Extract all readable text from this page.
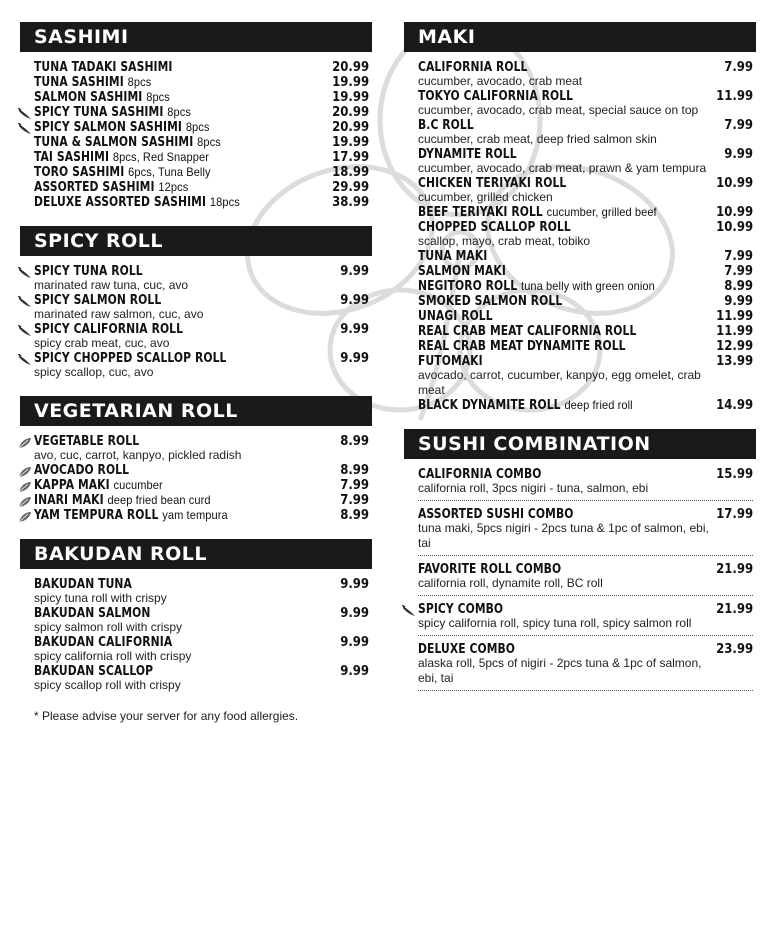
SASHIMI
TUNA TADAKI SASHIMI	20.99
TUNA SASHIMI 8pcs	19.99
SALMON SASHIMI 8pcs	19.99
SPICY TUNA SASHIMI 8pcs	20.99
SPICY SALMON SASHIMI 8pcs	20.99
TUNA & SALMON SASHIMI 8pcs	19.99
TAI SASHIMI 8pcs, Red Snapper	17.99
TORO SASHIMI 6pcs, Tuna Belly	18.99
ASSORTED SASHIMI 12pcs	29.99
DELUXE ASSORTED SASHIMI 18pcs	38.99
SPICY ROLL
SPICY TUNA ROLL	9.99
marinated raw tuna, cuc, avo
SPICY SALMON ROLL	9.99
marinated raw salmon, cuc, avo
SPICY CALIFORNIA ROLL	9.99
spicy crab meat, cuc, avo
SPICY CHOPPED SCALLOP ROLL	9.99
spicy scallop, cuc, avo
VEGETARIAN ROLL
VEGETABLE ROLL	8.99
avo, cuc, carrot, kanpyo, pickled radish
AVOCADO ROLL	8.99
KAPPA MAKI cucumber	7.99
INARI MAKI deep fried bean curd	7.99
YAM TEMPURA ROLL yam tempura	8.99
BAKUDAN ROLL
BAKUDAN TUNA	9.99
spicy tuna roll with crispy
BAKUDAN SALMON	9.99
spicy salmon roll with crispy
BAKUDAN CALIFORNIA	9.99
spicy california roll with crispy
BAKUDAN SCALLOP	9.99
spicy scallop roll with crispy
* Please advise your server for any food allergies.
MAKI
CALIFORNIA ROLL	7.99
cucumber, avocado, crab meat
TOKYO CALIFORNIA ROLL	11.99
cucumber, avocado, crab meat, special sauce on top
B.C ROLL	7.99
cucumber, crab meat, deep fried salmon skin
DYNAMITE ROLL	9.99
cucumber, avocado, crab meat, prawn & yam tempura
CHICKEN TERIYAKI ROLL	10.99
cucumber, grilled chicken
BEEF TERIYAKI ROLL cucumber, grilled beef	10.99
CHOPPED SCALLOP ROLL	10.99
scallop, mayo, crab meat, tobiko
TUNA MAKI	7.99
SALMON MAKI	7.99
NEGITORO ROLL tuna belly with green onion	8.99
SMOKED SALMON ROLL	9.99
UNAGI ROLL	11.99
REAL CRAB MEAT CALIFORNIA ROLL	11.99
REAL CRAB MEAT DYNAMITE ROLL	12.99
FUTOMAKI	13.99
avocado, carrot, cucumber, kanpyo, egg omelet, crab meat
BLACK DYNAMITE ROLL deep fried roll	14.99
SUSHI COMBINATION
CALIFORNIA COMBO	15.99
california roll, 3pcs nigiri - tuna, salmon, ebi
ASSORTED SUSHI COMBO	17.99
tuna maki, 5pcs nigiri - 2pcs tuna & 1pc of salmon, ebi, tai
FAVORITE ROLL COMBO	21.99
california roll, dynamite roll, BC roll
SPICY COMBO	21.99
spicy california roll, spicy tuna roll, spicy salmon roll
DELUXE COMBO	23.99
alaska roll, 5pcs of nigiri - 2pcs tuna & 1pc of salmon, ebi, tai
